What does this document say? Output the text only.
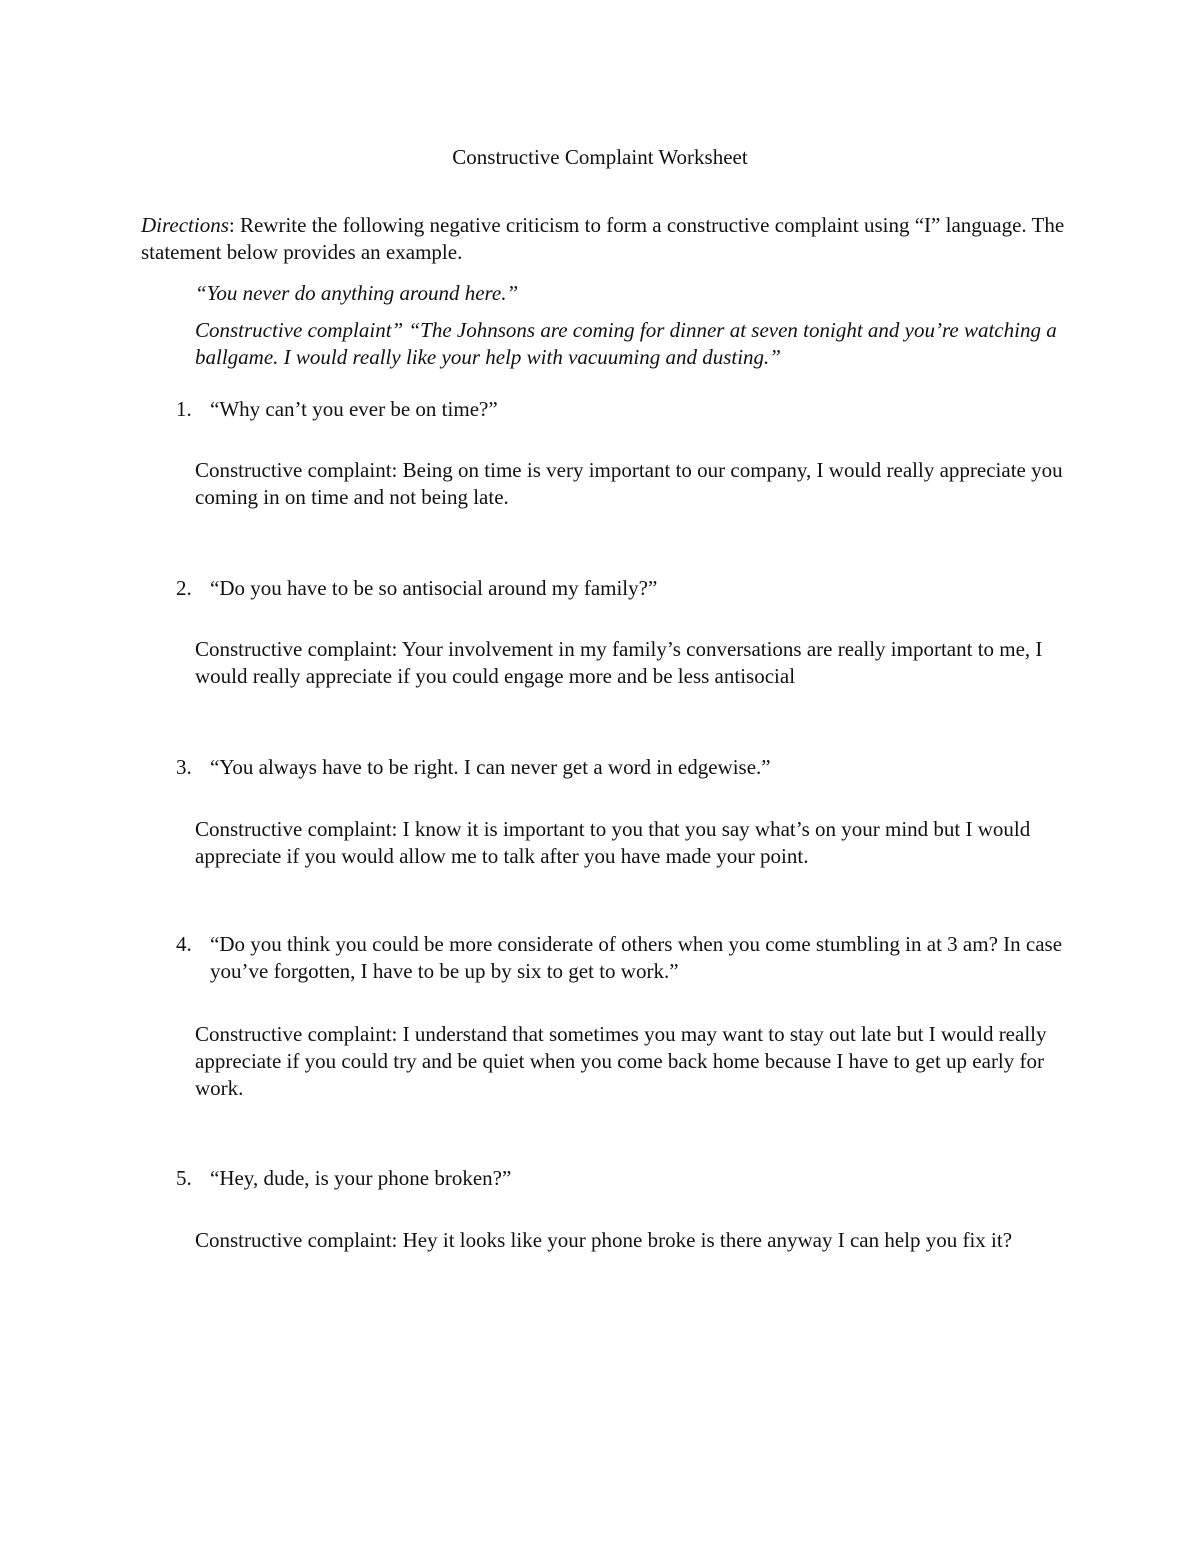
Constructive Complaint Worksheet
Directions: Rewrite the following negative criticism to form a constructive complaint using “I” language. The statement below provides an example.
“You never do anything around here.”
Constructive complaint” “The Johnsons are coming for dinner at seven tonight and you’re watching a ballgame. I would really like your help with vacuuming and dusting.”
1. “Why can’t you ever be on time?”
Constructive complaint: Being on time is very important to our company, I would really appreciate you coming in on time and not being late.
2. “Do you have to be so antisocial around my family?”
Constructive complaint: Your involvement in my family’s conversations are really important to me, I would really appreciate if you could engage more and be less antisocial
3. “You always have to be right. I can never get a word in edgewise.”
Constructive complaint: I know it is important to you that you say what’s on your mind but I would appreciate if you would allow me to talk after you have made your point.
4. “Do you think you could be more considerate of others when you come stumbling in at 3 am? In case you’ve forgotten, I have to be up by six to get to work.”
Constructive complaint: I understand that sometimes you may want to stay out late but I would really appreciate if you could try and be quiet when you come back home because I have to get up early for work.
5. “Hey, dude, is your phone broken?”
Constructive complaint: Hey it looks like your phone broke is there anyway I can help you fix it?
